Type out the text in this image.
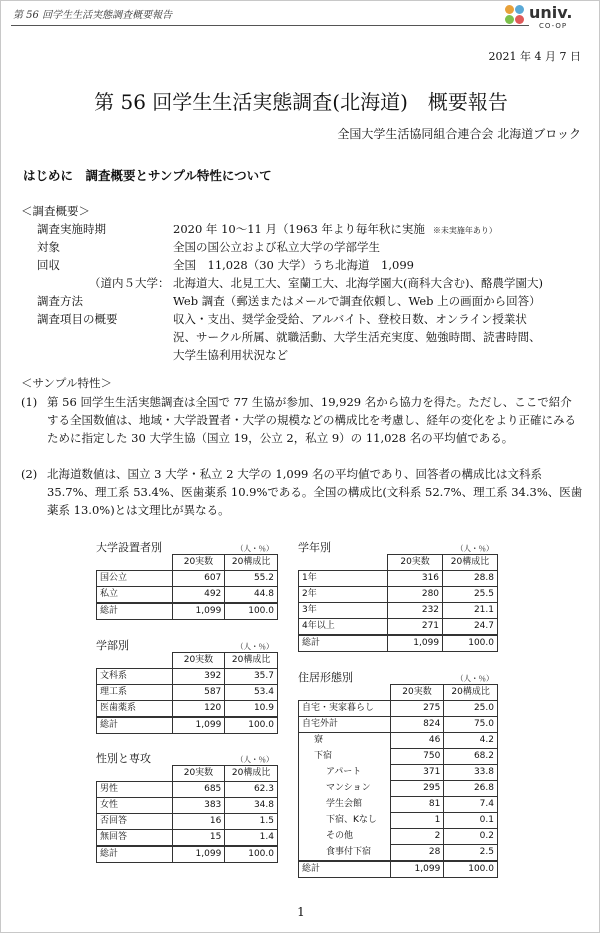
第 56 回学生生活実態調査概要報告	univ.
CO-OP
2021 年 4 月 7 日
第 56 回学生生活実態調査(北海道)　概要報告
全国大学生活協同組合連合会 北海道ブロック
はじめに　調査概要とサンプル特性について
＜調査概要＞
調査実施時期	2020 年 10～11 月（1963 年より毎年秋に実施 ※未実施年あり）
対象	全国の国公立および私立大学の学部学生
回収	全国　11,028（30 大学）うち北海道　1,099
（道内５大学： 北海道大、北見工大、室蘭工大、北海学園大(商科大含む)、酪農学園大)
調査方法	Web 調査（郵送またはメールで調査依頼し、Web 上の画面から回答）
調査項目の概要	収入・支出、奨学金受給、アルバイト、登校日数、オンライン授業状
況、サークル所属、就職活動、大学生活充実度、勉強時間、読書時間、
大学生協利用状況など
＜サンプル特性＞
(1) 第 56 回学生生活実態調査は全国で 77 生協が参加、19,929 名から協力を得た。ただし、ここで紹介する全国数値は、地域・大学設置者・大学の規模などの構成比を考慮し、経年の変化をより正確にみるために指定した 30 大学生協（国立 19，公立 2，私立 9）の 11,028 名の平均値である。
(2) 北海道数値は、国立 3 大学・私立 2 大学の 1,099 名の平均値であり、回答者の構成比は文科系 35.7%、理工系 53.4%、医歯薬系 10.9%である。全国の構成比(文科系 52.7%、理工系 34.3%、医歯薬系 13.0%)とは文理比が異なる。
大学設置者別	（人・％）
	20実数	20構成比
国公立	607	55.2
私立	492	44.8
総計	1,099	100.0
学部別	（人・％）
	20実数	20構成比
文科系	392	35.7
理工系	587	53.4
医歯薬系	120	10.9
総計	1,099	100.0
性別と専攻	（人・％）
	20実数	20構成比
男性	685	62.3
女性	383	34.8
否回答	16	1.5
無回答	15	1.4
総計	1,099	100.0
学年別	（人・％）
	20実数	20構成比
1年	316	28.8
2年	280	25.5
3年	232	21.1
4年以上	271	24.7
総計	1,099	100.0
住居形態別	（人・％）
	20実数	20構成比
自宅・実家暮らし	275	25.0
自宅外計	824	75.0
寮	46	4.2
下宿	750	68.2
アパート	371	33.8
マンション	295	26.8
学生会館	81	7.4
下宿、Kなし	1	0.1
その他	2	0.2
食事付下宿	28	2.5
総計	1,099	100.0
1
